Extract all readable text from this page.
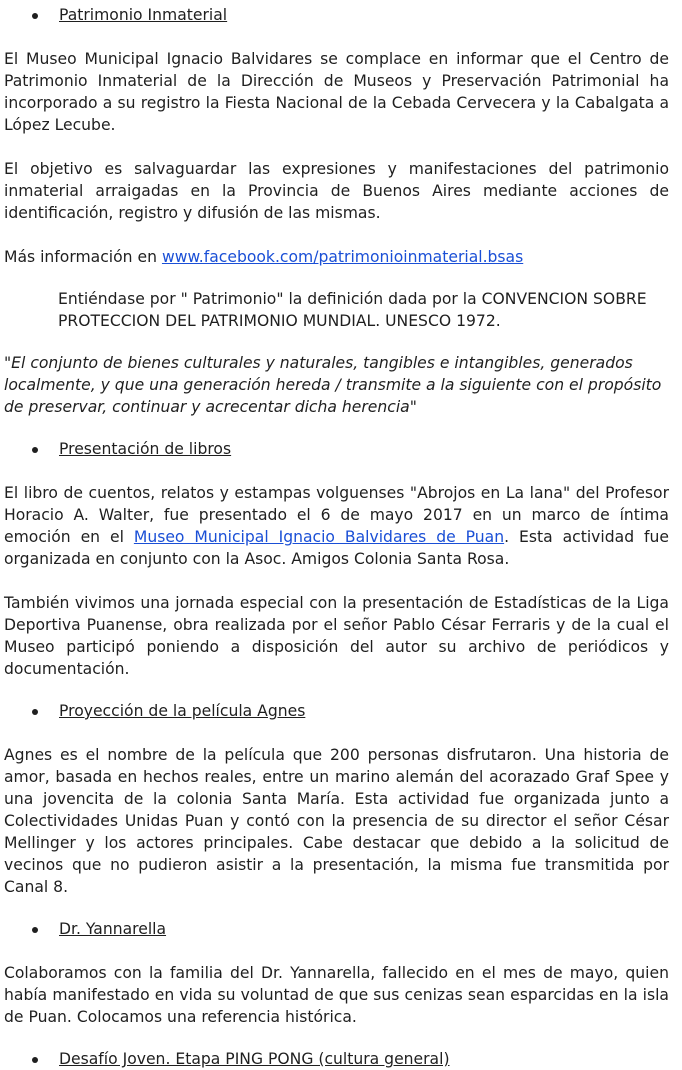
Patrimonio Inmaterial

El Museo Municipal Ignacio Balvidares se complace en informar que el Centro de Patrimonio Inmaterial de la Dirección de Museos y Preservación Patrimonial ha incorporado a su registro la Fiesta Nacional de la Cebada Cervecera y la Cabalgata a López Lecube.

El objetivo es salvaguardar las expresiones y manifestaciones del patrimonio inmaterial arraigadas en la Provincia de Buenos Aires mediante acciones de identificación, registro y difusión de las mismas.

Más información en www.facebook.com/patrimonioinmaterial.bsas

Entiéndase por " Patrimonio" la definición dada por la CONVENCION SOBRE PROTECCION DEL PATRIMONIO MUNDIAL. UNESCO 1972.

"El conjunto de bienes culturales y naturales, tangibles e intangibles, generados localmente, y que una generación hereda / transmite a la siguiente con el propósito de preservar, continuar y acrecentar dicha herencia"

Presentación de libros

El libro de cuentos, relatos y estampas volguenses "Abrojos en La lana" del Profesor Horacio A. Walter, fue presentado el 6 de mayo 2017 en un marco de íntima emoción en el Museo Municipal Ignacio Balvidares de Puan. Esta actividad fue organizada en conjunto con la Asoc. Amigos Colonia Santa Rosa.

También vivimos una jornada especial con la presentación de Estadísticas de la Liga Deportiva Puanense, obra realizada por el señor Pablo César Ferraris y de la cual el Museo participó poniendo a disposición del autor su archivo de periódicos y documentación.

Proyección de la película Agnes

Agnes es el nombre de la película que 200 personas disfrutaron. Una historia de amor, basada en hechos reales, entre un marino alemán del acorazado Graf Spee y una jovencita de la colonia Santa María. Esta actividad fue organizada junto a Colectividades Unidas Puan y contó con la presencia de su director el señor César Mellinger y los actores principales. Cabe destacar que debido a la solicitud de vecinos que no pudieron asistir a la presentación, la misma fue transmitida por Canal 8.

Dr. Yannarella

Colaboramos con la familia del Dr. Yannarella, fallecido en el mes de mayo, quien había manifestado en vida su voluntad de que sus cenizas sean esparcidas en la isla de Puan. Colocamos una referencia histórica.

Desafío Joven. Etapa PING PONG (cultura general)
